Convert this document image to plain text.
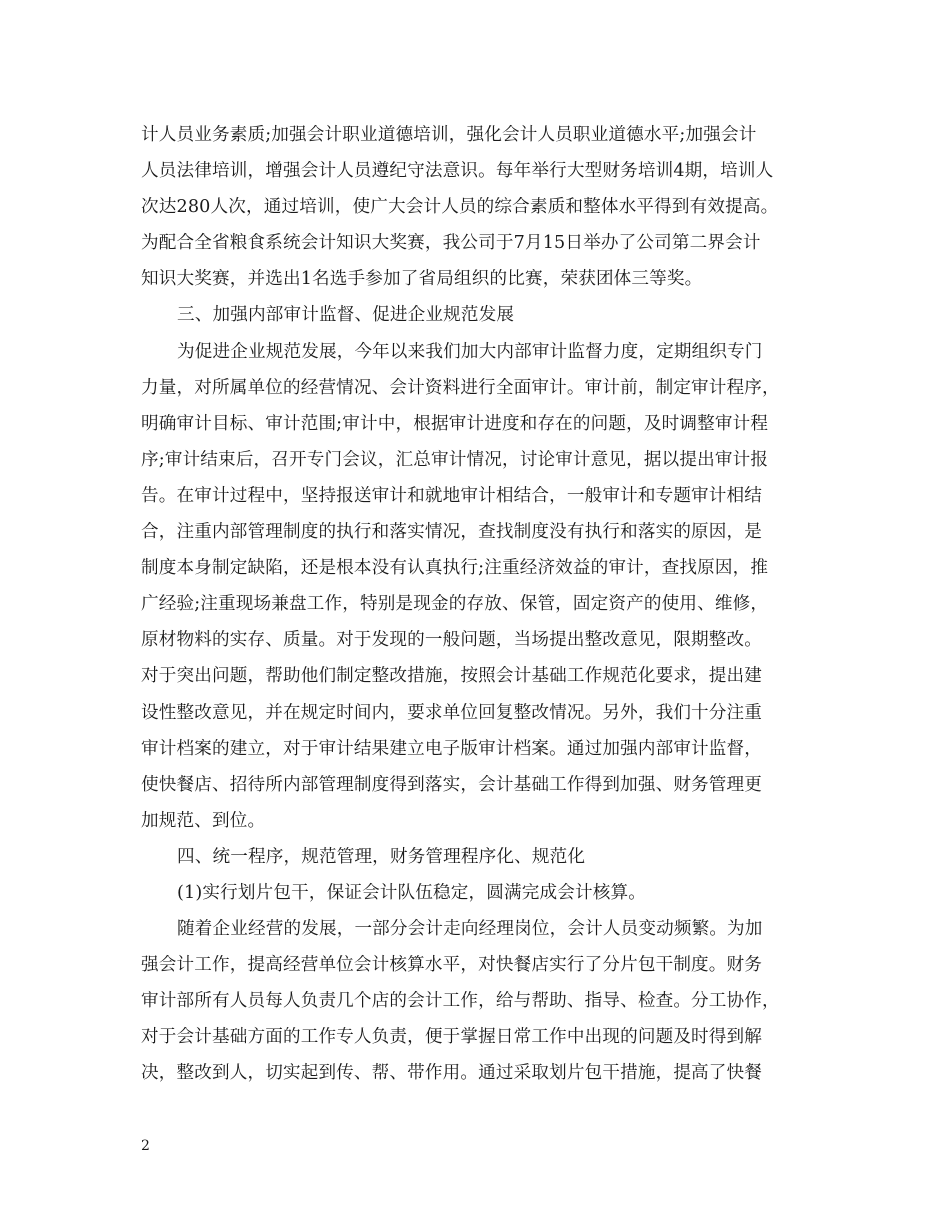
计人员业务素质;加强会计职业道德培训，强化会计人员职业道德水平;加强会计
人员法律培训，增强会计人员遵纪守法意识。每年举行大型财务培训4期，培训人
次达280人次，通过培训，使广大会计人员的综合素质和整体水平得到有效提高。
为配合全省粮食系统会计知识大奖赛，我公司于7月15日举办了公司第二界会计
知识大奖赛，并选出1名选手参加了省局组织的比赛，荣获团体三等奖。
三、加强内部审计监督、促进企业规范发展
为促进企业规范发展，今年以来我们加大内部审计监督力度，定期组织专门
力量，对所属单位的经营情况、会计资料进行全面审计。审计前，制定审计程序，
明确审计目标、审计范围;审计中，根据审计进度和存在的问题，及时调整审计程
序;审计结束后，召开专门会议，汇总审计情况，讨论审计意见，据以提出审计报
告。在审计过程中，坚持报送审计和就地审计相结合，一般审计和专题审计相结
合，注重内部管理制度的执行和落实情况，查找制度没有执行和落实的原因，是
制度本身制定缺陷，还是根本没有认真执行;注重经济效益的审计，查找原因，推
广经验;注重现场兼盘工作，特别是现金的存放、保管，固定资产的使用、维修，
原材物料的实存、质量。对于发现的一般问题，当场提出整改意见，限期整改。
对于突出问题，帮助他们制定整改措施，按照会计基础工作规范化要求，提出建
设性整改意见，并在规定时间内，要求单位回复整改情况。另外，我们十分注重
审计档案的建立，对于审计结果建立电子版审计档案。通过加强内部审计监督，
使快餐店、招待所内部管理制度得到落实，会计基础工作得到加强、财务管理更
加规范、到位。
四、统一程序，规范管理，财务管理程序化、规范化
(1)实行划片包干，保证会计队伍稳定，圆满完成会计核算。
随着企业经营的发展，一部分会计走向经理岗位，会计人员变动频繁。为加
强会计工作，提高经营单位会计核算水平，对快餐店实行了分片包干制度。财务
审计部所有人员每人负责几个店的会计工作，给与帮助、指导、检查。分工协作，
对于会计基础方面的工作专人负责，便于掌握日常工作中出现的问题及时得到解
决，整改到人，切实起到传、帮、带作用。通过采取划片包干措施，提高了快餐
2
